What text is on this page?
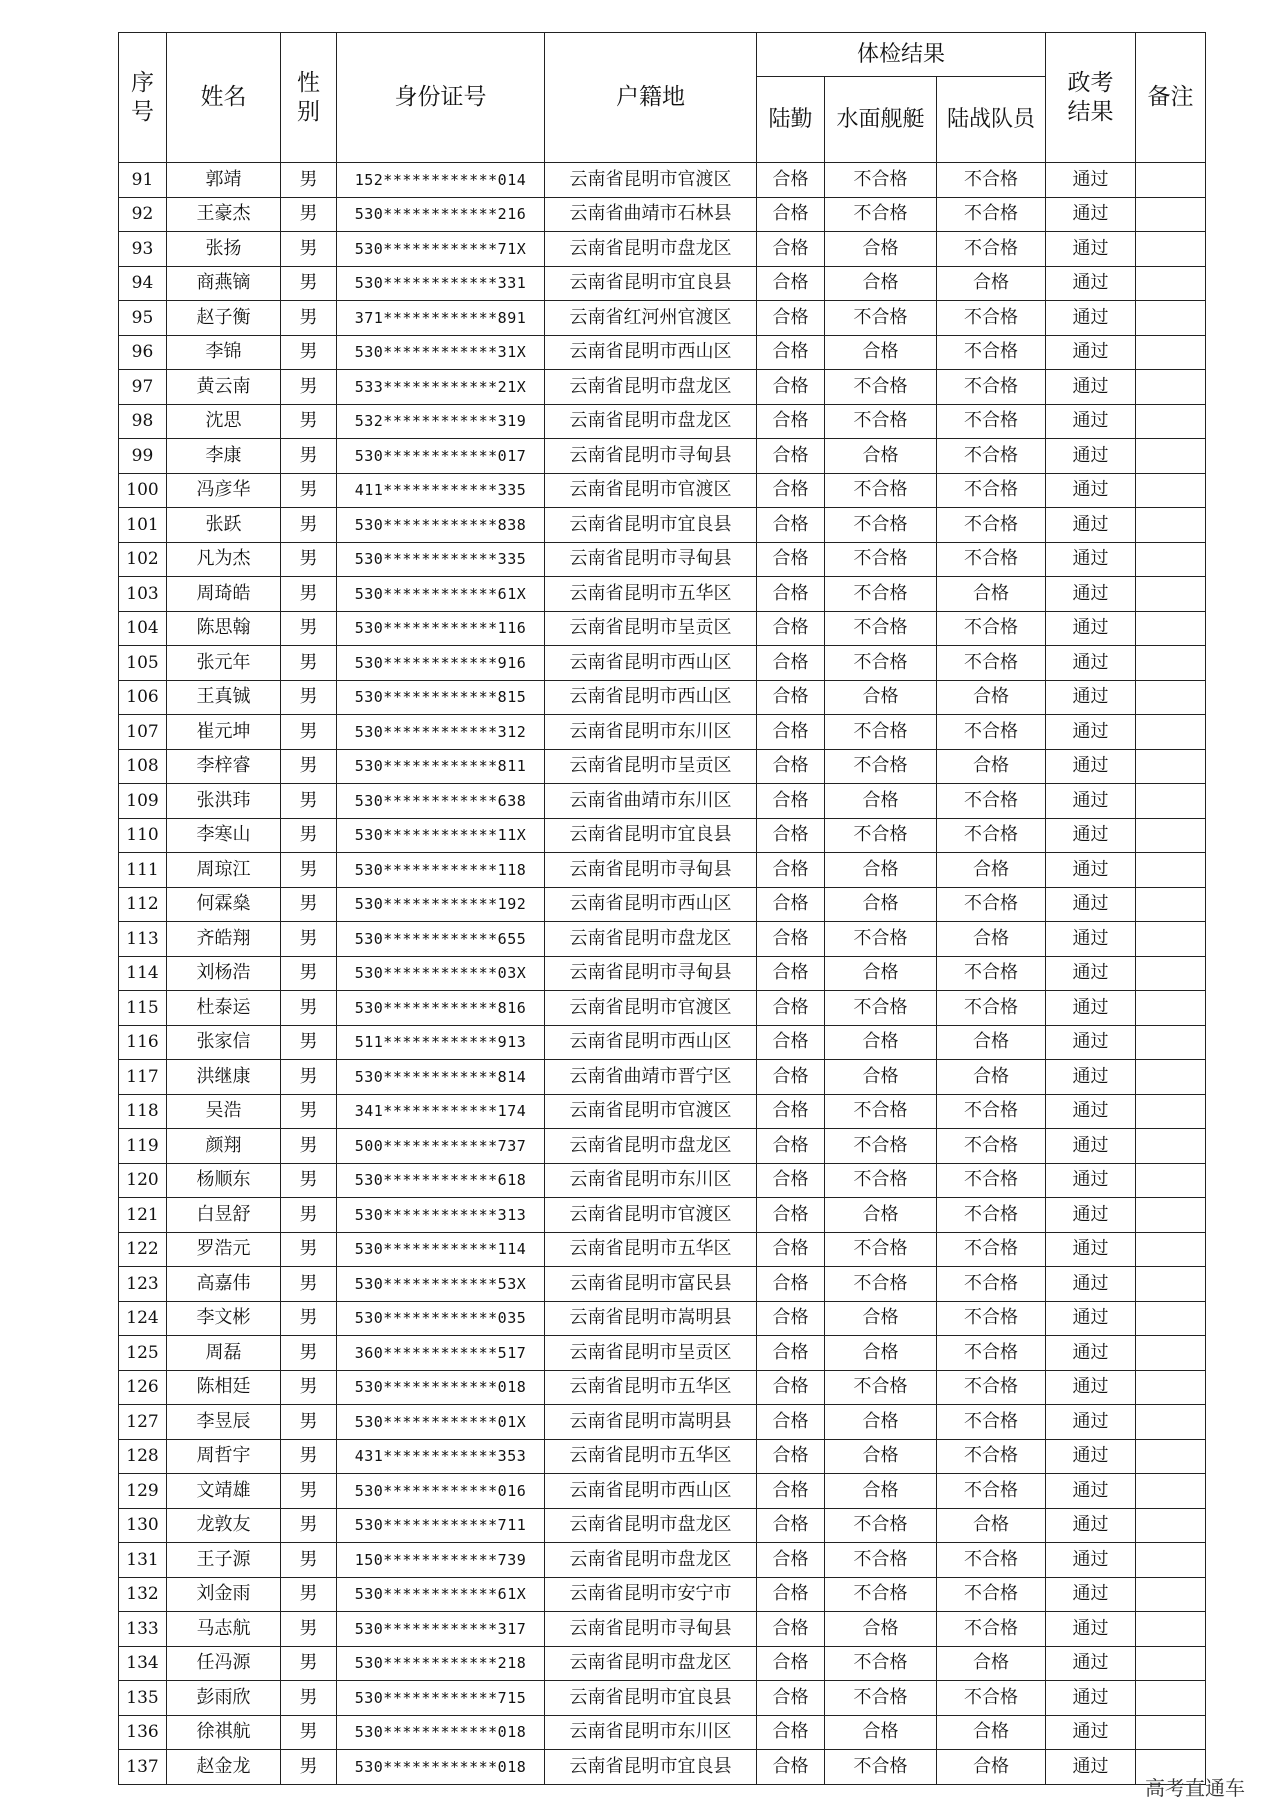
序
号	姓名	性
别	身份证号	户籍地	体检结果			政考
结果	备注
					陆勤	水面舰艇	陆战队员		
91	郭靖	男	152************014	云南省昆明市官渡区	合格	不合格	不合格	通过	
92	王豪杰	男	530************216	云南省曲靖市石林县	合格	不合格	不合格	通过	
93	张扬	男	530************71X	云南省昆明市盘龙区	合格	合格	不合格	通过	
94	商燕镝	男	530************331	云南省昆明市宜良县	合格	合格	合格	通过	
95	赵子衡	男	371************891	云南省红河州官渡区	合格	不合格	不合格	通过	
96	李锦	男	530************31X	云南省昆明市西山区	合格	合格	不合格	通过	
97	黄云南	男	533************21X	云南省昆明市盘龙区	合格	不合格	不合格	通过	
98	沈思	男	532************319	云南省昆明市盘龙区	合格	不合格	不合格	通过	
99	李康	男	530************017	云南省昆明市寻甸县	合格	合格	不合格	通过	
100	冯彦华	男	411************335	云南省昆明市官渡区	合格	不合格	不合格	通过	
101	张跃	男	530************838	云南省昆明市宜良县	合格	不合格	不合格	通过	
102	凡为杰	男	530************335	云南省昆明市寻甸县	合格	不合格	不合格	通过	
103	周琦皓	男	530************61X	云南省昆明市五华区	合格	不合格	合格	通过	
104	陈思翰	男	530************116	云南省昆明市呈贡区	合格	不合格	不合格	通过	
105	张元年	男	530************916	云南省昆明市西山区	合格	不合格	不合格	通过	
106	王真铖	男	530************815	云南省昆明市西山区	合格	合格	合格	通过	
107	崔元坤	男	530************312	云南省昆明市东川区	合格	不合格	不合格	通过	
108	李梓睿	男	530************811	云南省昆明市呈贡区	合格	不合格	合格	通过	
109	张洪玮	男	530************638	云南省曲靖市东川区	合格	合格	不合格	通过	
110	李寒山	男	530************11X	云南省昆明市宜良县	合格	不合格	不合格	通过	
111	周琼江	男	530************118	云南省昆明市寻甸县	合格	合格	合格	通过	
112	何霖燊	男	530************192	云南省昆明市西山区	合格	合格	不合格	通过	
113	齐皓翔	男	530************655	云南省昆明市盘龙区	合格	不合格	合格	通过	
114	刘杨浩	男	530************03X	云南省昆明市寻甸县	合格	合格	不合格	通过	
115	杜泰运	男	530************816	云南省昆明市官渡区	合格	不合格	不合格	通过	
116	张家信	男	511************913	云南省昆明市西山区	合格	合格	合格	通过	
117	洪继康	男	530************814	云南省曲靖市晋宁区	合格	合格	合格	通过	
118	吴浩	男	341************174	云南省昆明市官渡区	合格	不合格	不合格	通过	
119	颜翔	男	500************737	云南省昆明市盘龙区	合格	不合格	不合格	通过	
120	杨顺东	男	530************618	云南省昆明市东川区	合格	不合格	不合格	通过	
121	白昱舒	男	530************313	云南省昆明市官渡区	合格	合格	不合格	通过	
122	罗浩元	男	530************114	云南省昆明市五华区	合格	不合格	不合格	通过	
123	高嘉伟	男	530************53X	云南省昆明市富民县	合格	不合格	不合格	通过	
124	李文彬	男	530************035	云南省昆明市嵩明县	合格	合格	不合格	通过	
125	周磊	男	360************517	云南省昆明市呈贡区	合格	合格	不合格	通过	
126	陈相廷	男	530************018	云南省昆明市五华区	合格	不合格	不合格	通过	
127	李昱辰	男	530************01X	云南省昆明市嵩明县	合格	合格	不合格	通过	
128	周哲宇	男	431************353	云南省昆明市五华区	合格	合格	不合格	通过	
129	文靖雄	男	530************016	云南省昆明市西山区	合格	合格	不合格	通过	
130	龙敦友	男	530************711	云南省昆明市盘龙区	合格	不合格	合格	通过	
131	王子源	男	150************739	云南省昆明市盘龙区	合格	不合格	不合格	通过	
132	刘金雨	男	530************61X	云南省昆明市安宁市	合格	不合格	不合格	通过	
133	马志航	男	530************317	云南省昆明市寻甸县	合格	合格	不合格	通过	
134	任冯源	男	530************218	云南省昆明市盘龙区	合格	不合格	合格	通过	
135	彭雨欣	男	530************715	云南省昆明市宜良县	合格	不合格	不合格	通过	
136	徐祺航	男	530************018	云南省昆明市东川区	合格	合格	合格	通过	
137	赵金龙	男	530************018	云南省昆明市宜良县	合格	不合格	合格	通过	
高考直通车
